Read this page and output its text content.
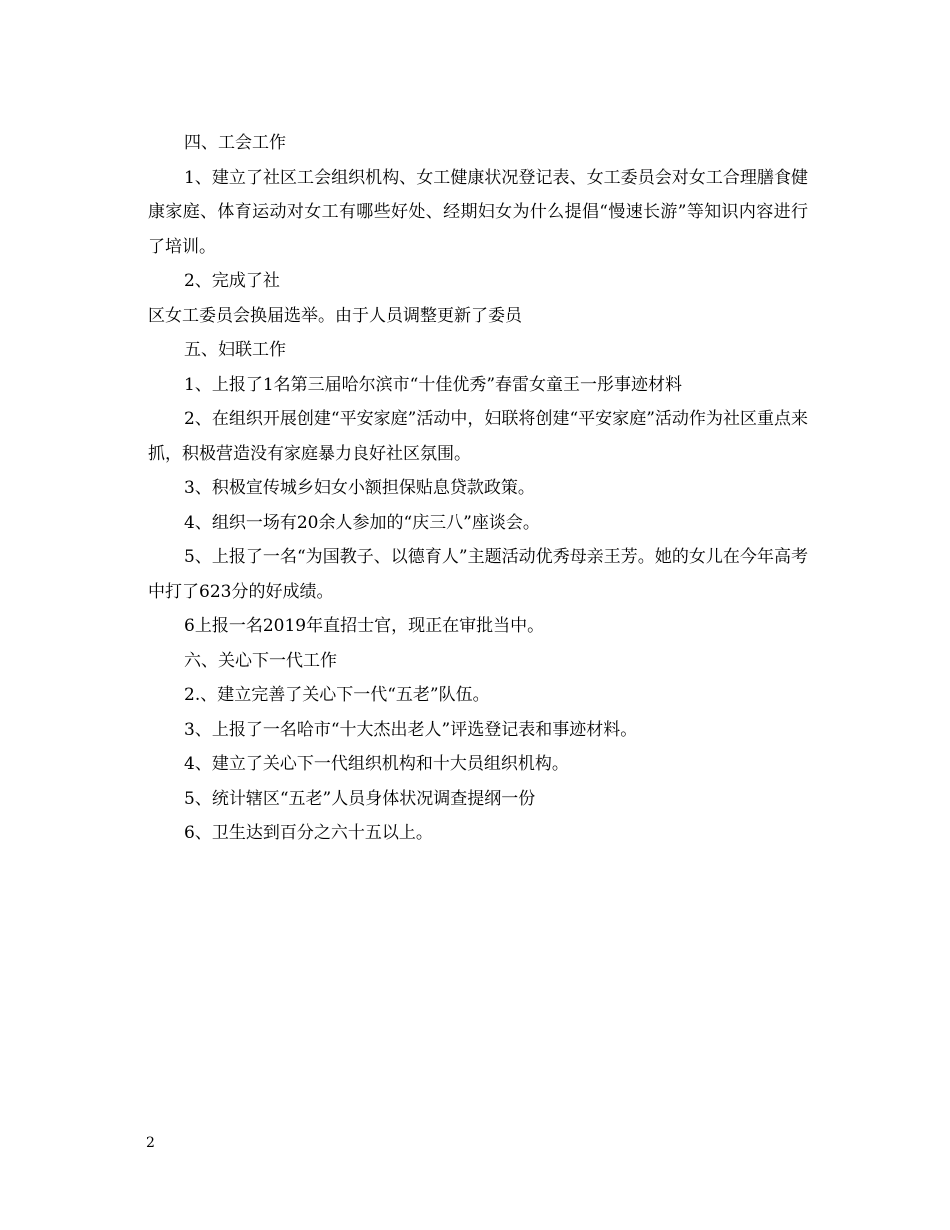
四、工会工作

1、建立了社区工会组织机构、女工健康状况登记表、女工委员会对女工合理膳食健康家庭、体育运动对女工有哪些好处、经期妇女为什么提倡“慢速长游”等知识内容进行了培训。

2、完成了社

区女工委员会换届选举。由于人员调整更新了委员

五、妇联工作

1、上报了1名第三届哈尔滨市“十佳优秀”春雷女童王一彤事迹材料

2、在组织开展创建“平安家庭”活动中，妇联将创建“平安家庭”活动作为社区重点来抓，积极营造没有家庭暴力良好社区氛围。

3、积极宣传城乡妇女小额担保贴息贷款政策。

4、组织一场有20余人参加的“庆三八”座谈会。

5、上报了一名“为国教子、以德育人”主题活动优秀母亲王芳。她的女儿在今年高考中打了623分的好成绩。

6上报一名2019年直招士官，现正在审批当中。

六、关心下一代工作

2.、建立完善了关心下一代“五老”队伍。

3、上报了一名哈市“十大杰出老人”评选登记表和事迹材料。

4、建立了关心下一代组织机构和十大员组织机构。

5、统计辖区“五老”人员身体状况调查提纲一份

6、卫生达到百分之六十五以上。

2
